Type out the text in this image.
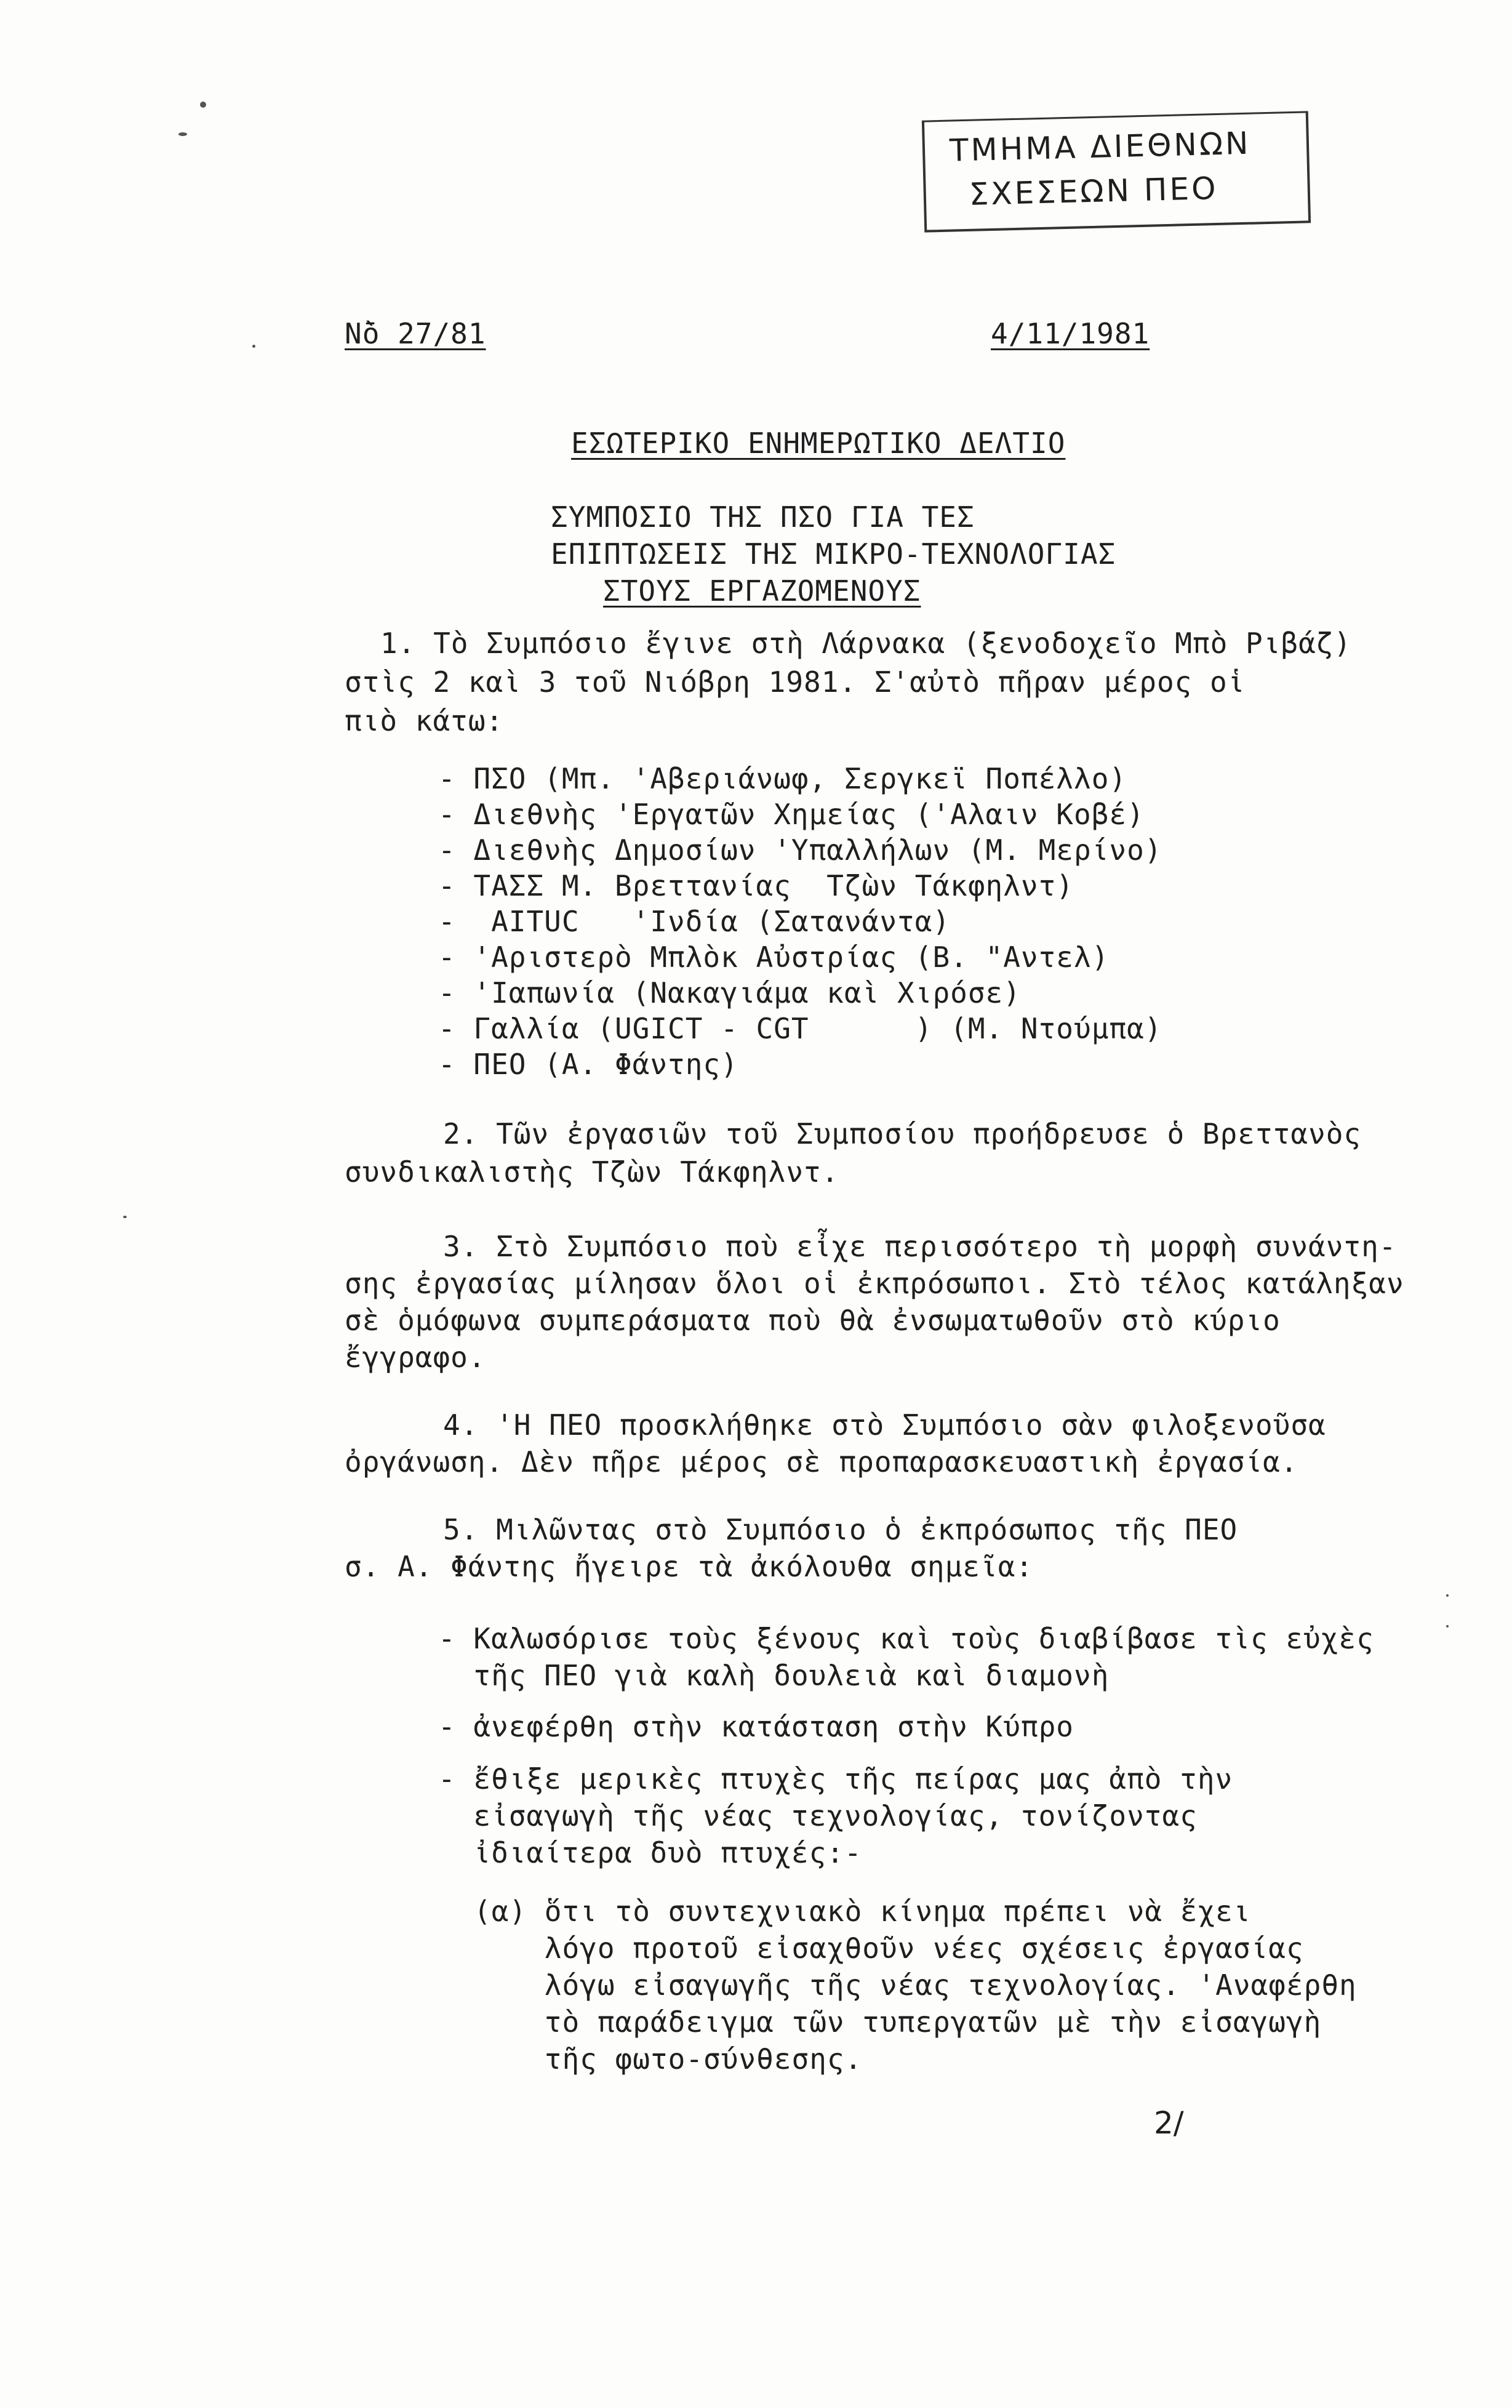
ΤΜΗΜΑ ΔΙΕΘΝΩΝ
ΣΧΕΣΕΩΝ ΠΕΟ
Ν̄ὸ 27/81	4/11/1981
ΕΣΩΤΕΡΙΚΟ ΕΝΗΜΕΡΩΤΙΚΟ ΔΕΛΤΙΟ
ΣΥΜΠΟΣΙΟ ΤΗΣ ΠΣΟ ΓΙΑ ΤΕΣ
ΕΠΙΠΤΩΣΕΙΣ ΤΗΣ ΜΙΚΡΟ-ΤΕΧΝΟΛΟΓΙΑΣ
ΣΤΟΥΣ ΕΡΓΑΖΟΜΕΝΟΥΣ
1. Τὸ Συμπόσιο ἔγινε στὴ Λάρνακα (ξενοδοχεῖο Μπὸ Ριβάζ)
στὶς 2 καὶ 3 τοῦ Νιόβρη 1981. Σ'αὐτὸ πῆραν μέρος οἱ
πιὸ κάτω:
- ΠΣΟ (Μπ. 'Αβεριάνωφ, Σεργκεϊ Ποπέλλο)
- Διεθνὴς 'Εργατῶν Χημείας ('Αλαιν Κοβέ)
- Διεθνὴς Δημοσίων 'Υπαλλήλων (Μ. Μερίνο)
- ΤΑΣΣ Μ. Βρεττανίας  Τζὼν Τάκφηλντ)
-  AITUC   'Ινδία (Σατανάντα)
- 'Αριστερὸ Μπλὸκ Αὐστρίας (Β. "Αντελ)
- 'Ιαπωνία (Νακαγιάμα καὶ Χιρόσε)
- Γαλλία (UGICT - CGT      ) (Μ. Ντούμπα)
- ΠΕΟ (Α. Φάντης)
2. Τῶν ἐργασιῶν τοῦ Συμποσίου προήδρευσε ὁ Βρεττανὸς
συνδικαλιστὴς Τζὼν Τάκφηλντ.
3. Στὸ Συμπόσιο ποὺ εἶχε περισσότερο τὴ μορφὴ συνάντη-
σης ἐργασίας μίλησαν ὅλοι οἱ ἐκπρόσωποι. Στὸ τέλος κατάληξαν
σὲ ὁμόφωνα συμπεράσματα ποὺ θὰ ἐνσωματωθοῦν στὸ κύριο
ἔγγραφο.
4. 'Η ΠΕΟ προσκλήθηκε στὸ Συμπόσιο σὰν φιλοξενοῦσα
ὀργάνωση. Δὲν πῆρε μέρος σὲ προπαρασκευαστικὴ ἐργασία.
5. Μιλῶντας στὸ Συμπόσιο ὁ ἐκπρόσωπος τῆς ΠΕΟ
σ. Α. Φάντης ἤγειρε τὰ ἀκόλουθα σημεῖα:
- Καλωσόρισε τοὺς ξένους καὶ τοὺς διαβίβασε τὶς εὐχὲς
τῆς ΠΕΟ γιὰ καλὴ δουλειὰ καὶ διαμονὴ
- ἀνεφέρθη στὴν κατάσταση στὴν Κύπρο
- ἔθιξε μερικὲς πτυχὲς τῆς πείρας μας ἀπὸ τὴν
εἰσαγωγὴ τῆς νέας τεχνολογίας, τονίζοντας
ἰδιαίτερα δυὸ πτυχές:-
(α) ὅτι τὸ συντεχνιακὸ κίνημα πρέπει νὰ ἔχει
λόγο προτοῦ εἰσαχθοῦν νέες σχέσεις ἐργασίας
λόγω εἰσαγωγῆς τῆς νέας τεχνολογίας. 'Αναφέρθη
τὸ παράδειγμα τῶν τυπεργατῶν μὲ τὴν εἰσαγωγὴ
τῆς φωτο-σύνθεσης.
2/
